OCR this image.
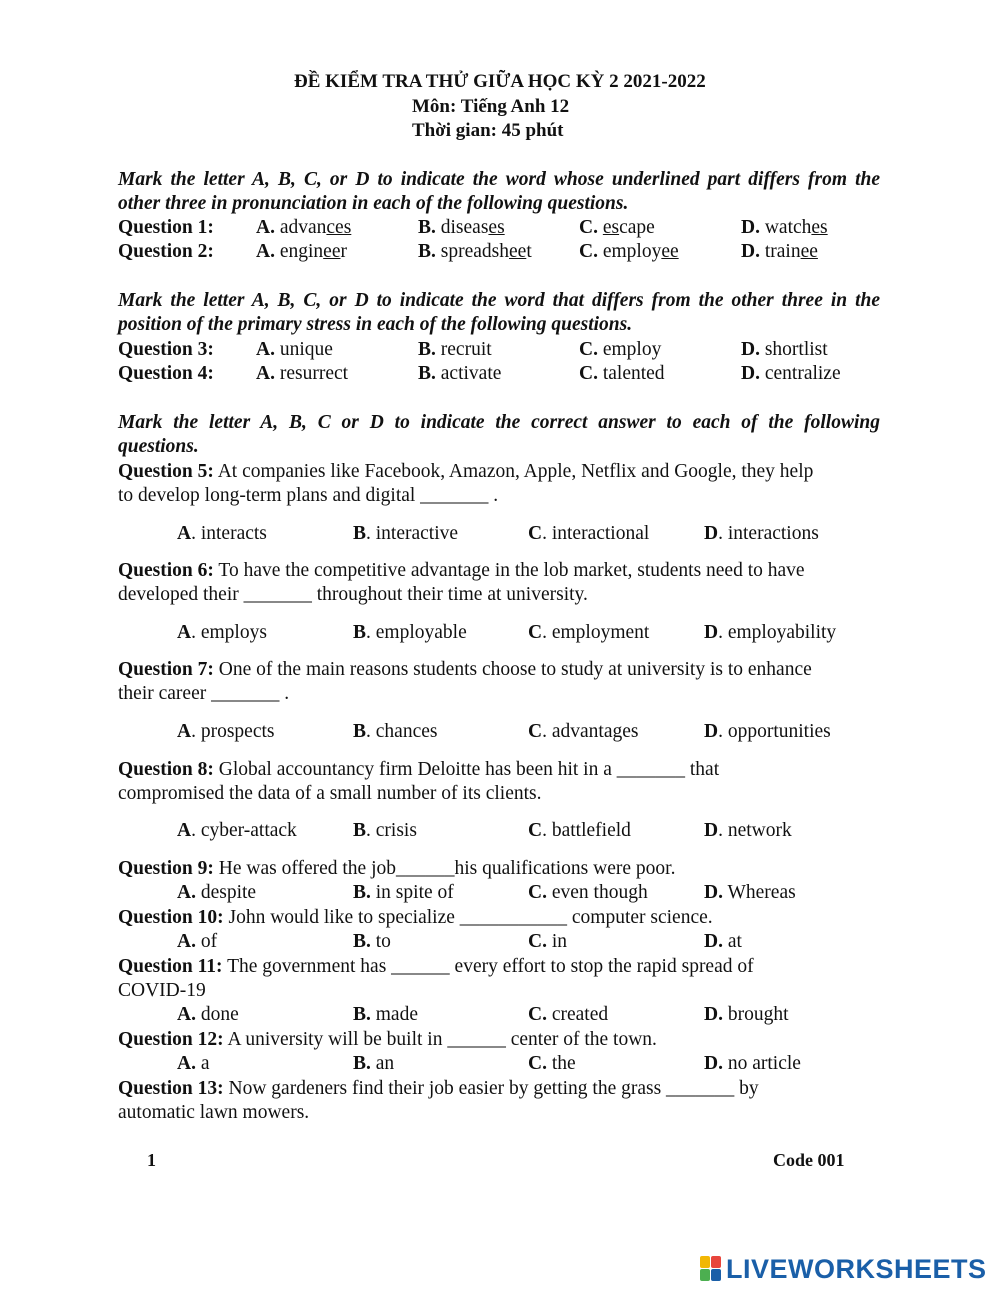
ĐỀ KIỂM TRA THỬ GIỮA HỌC KỲ 2 2021-2022
Môn: Tiếng Anh 12
Thời gian: 45 phút
Mark the letter A, B, C, or D to indicate the word whose underlined part differs from the
other three in pronunciation in each of the following questions.
Question 1: A. advances	B. diseases	C. escape	D. watches
Question 2: A. engineer	B. spreadsheet C. employee	D. trainee
Mark the letter A, B, C, or D to indicate the word that differs from the other three in the
position of the primary stress in each of the following questions.
Question 3: A. unique	B. recruit	C. employ	D. shortlist
Question 4: A. resurrect	B. activate	C. talented	D. centralize
Mark the letter A, B, C or D to indicate the correct answer to each of the following
questions.
Question 5: At companies like Facebook, Amazon, Apple, Netflix and Google, they help
to develop long-term plans and digital _______ .
A. interacts	B. interactive	C. interactional	D. interactions
Question 6: To have the competitive advantage in the lob market, students need to have
developed their _______ throughout their time at university.
A. employs	B. employable	C. employment	D. employability
Question 7: One of the main reasons students choose to study at university is to enhance
their career _______ .
A. prospects	B. chances	C. advantages	D. opportunities
Question 8: Global accountancy firm Deloitte has been hit in a _______ that
compromised the data of a small number of its clients.
A. cyber-attack	B. crisis	C. battlefield	D. network
Question 9: He was offered the job______his qualifications were poor.
A. despite	B. in spite of	C. even though	D. Whereas
Question 10: John would like to specialize ___________ computer science.
A. of	B. to	C. in	D. at
Question 11: The government has ______ every effort to stop the rapid spread of
COVID-19
A. done	B. made	C. created	D. brought
Question 12: A university will be built in ______ center of the town.
A. a	B. an	C. the	D. no article
Question 13: Now gardeners find their job easier by getting the grass _______ by
automatic lawn mowers.
1	Code 001
LIVEWORKSHEETS
